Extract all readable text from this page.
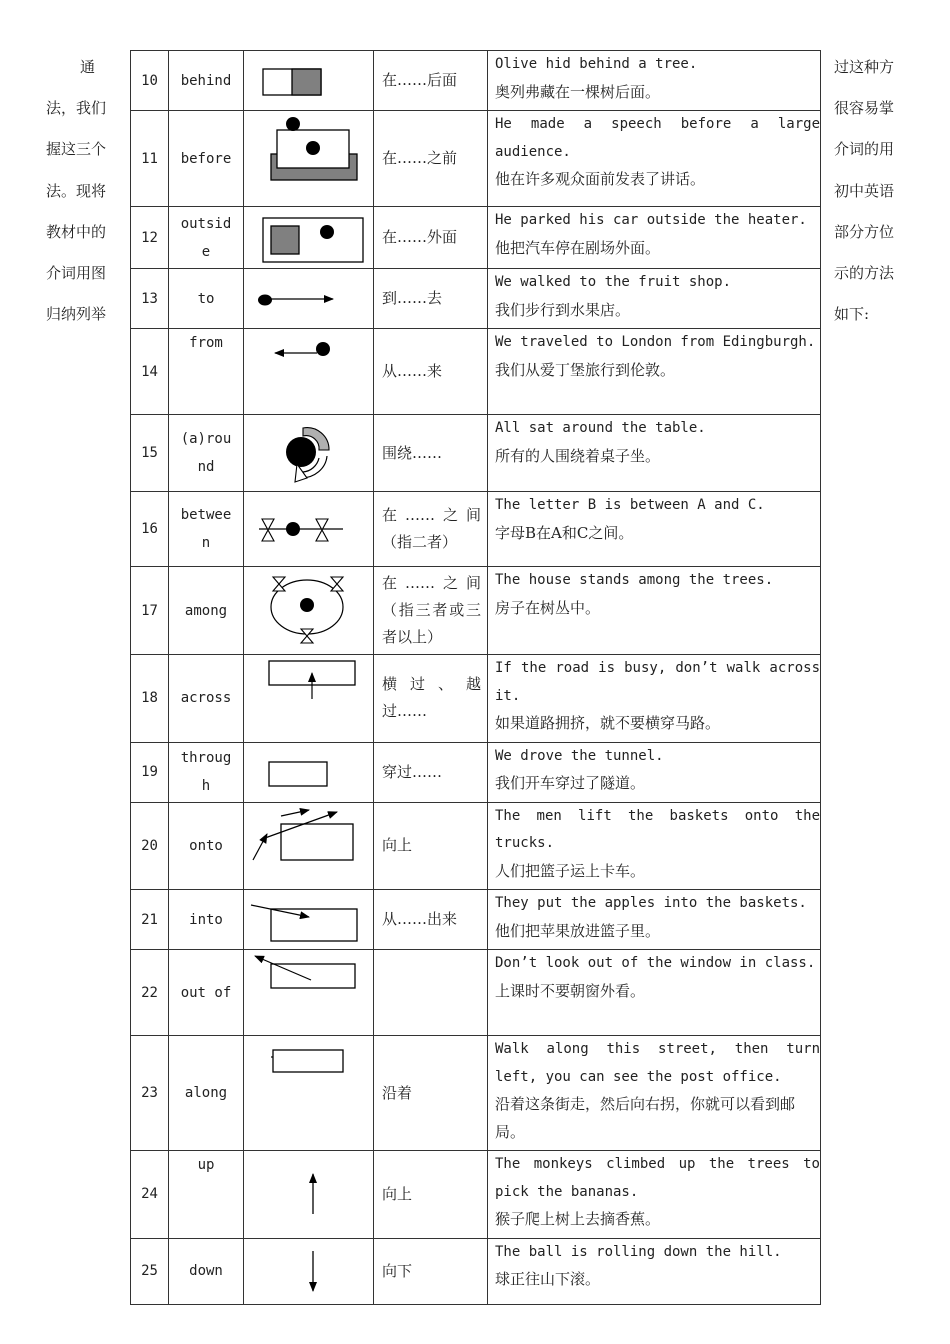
通
法，我们
握这三个
法。现将
教材中的
介词用图
归纳列举
过这种方
很容易掌
介词的用
初中英语
部分方位
示的方法
如下:
10	behind		在……后面	Olive hid behind a tree.
奥列弗藏在一棵树后面。

11	before		在……之前	He made a speech before a large audience.
他在许多观众面前发表了讲话。

12	outside		在……外面	He parked his car outside the heater.
他把汽车停在剧场外面。

13	to		到……去	We walked to the fruit shop.
我们步行到水果店。

14	from		从……来	We traveled to London from Edingburgh.
我们从爱丁堡旅行到伦敦。

15	(a)round		围绕……	All sat around the table.
所有的人围绕着桌子坐。

16	between		在……之间（指二者）	The letter B is between A and C.
字母B在A和C之间。

17	among		在……之间（指三者或三者以上）	The house stands among the trees.
房子在树丛中。

18	across		横过、越过……	If the road is busy, don’t walk across it.
如果道路拥挤，就不要横穿马路。

19	through		穿过……	We drove the tunnel.
我们开车穿过了隧道。

20	onto		向上	The men lift the baskets onto the trucks.
人们把篮子运上卡车。

21	into		从……出来	They put the apples into the baskets.
他们把苹果放进篮子里。

22	out of			Don’t look out of the window in class.
上课时不要朝窗外看。

23	along		沿着	Walk along this street, then turn left, you can see the post office.
沿着这条街走，然后向右拐，你就可以看到邮局。

24	up		向上	The monkeys climbed up the trees to pick the bananas.
猴子爬上树上去摘香蕉。

25	down		向下	The ball is rolling down the hill.
球正往山下滚。
